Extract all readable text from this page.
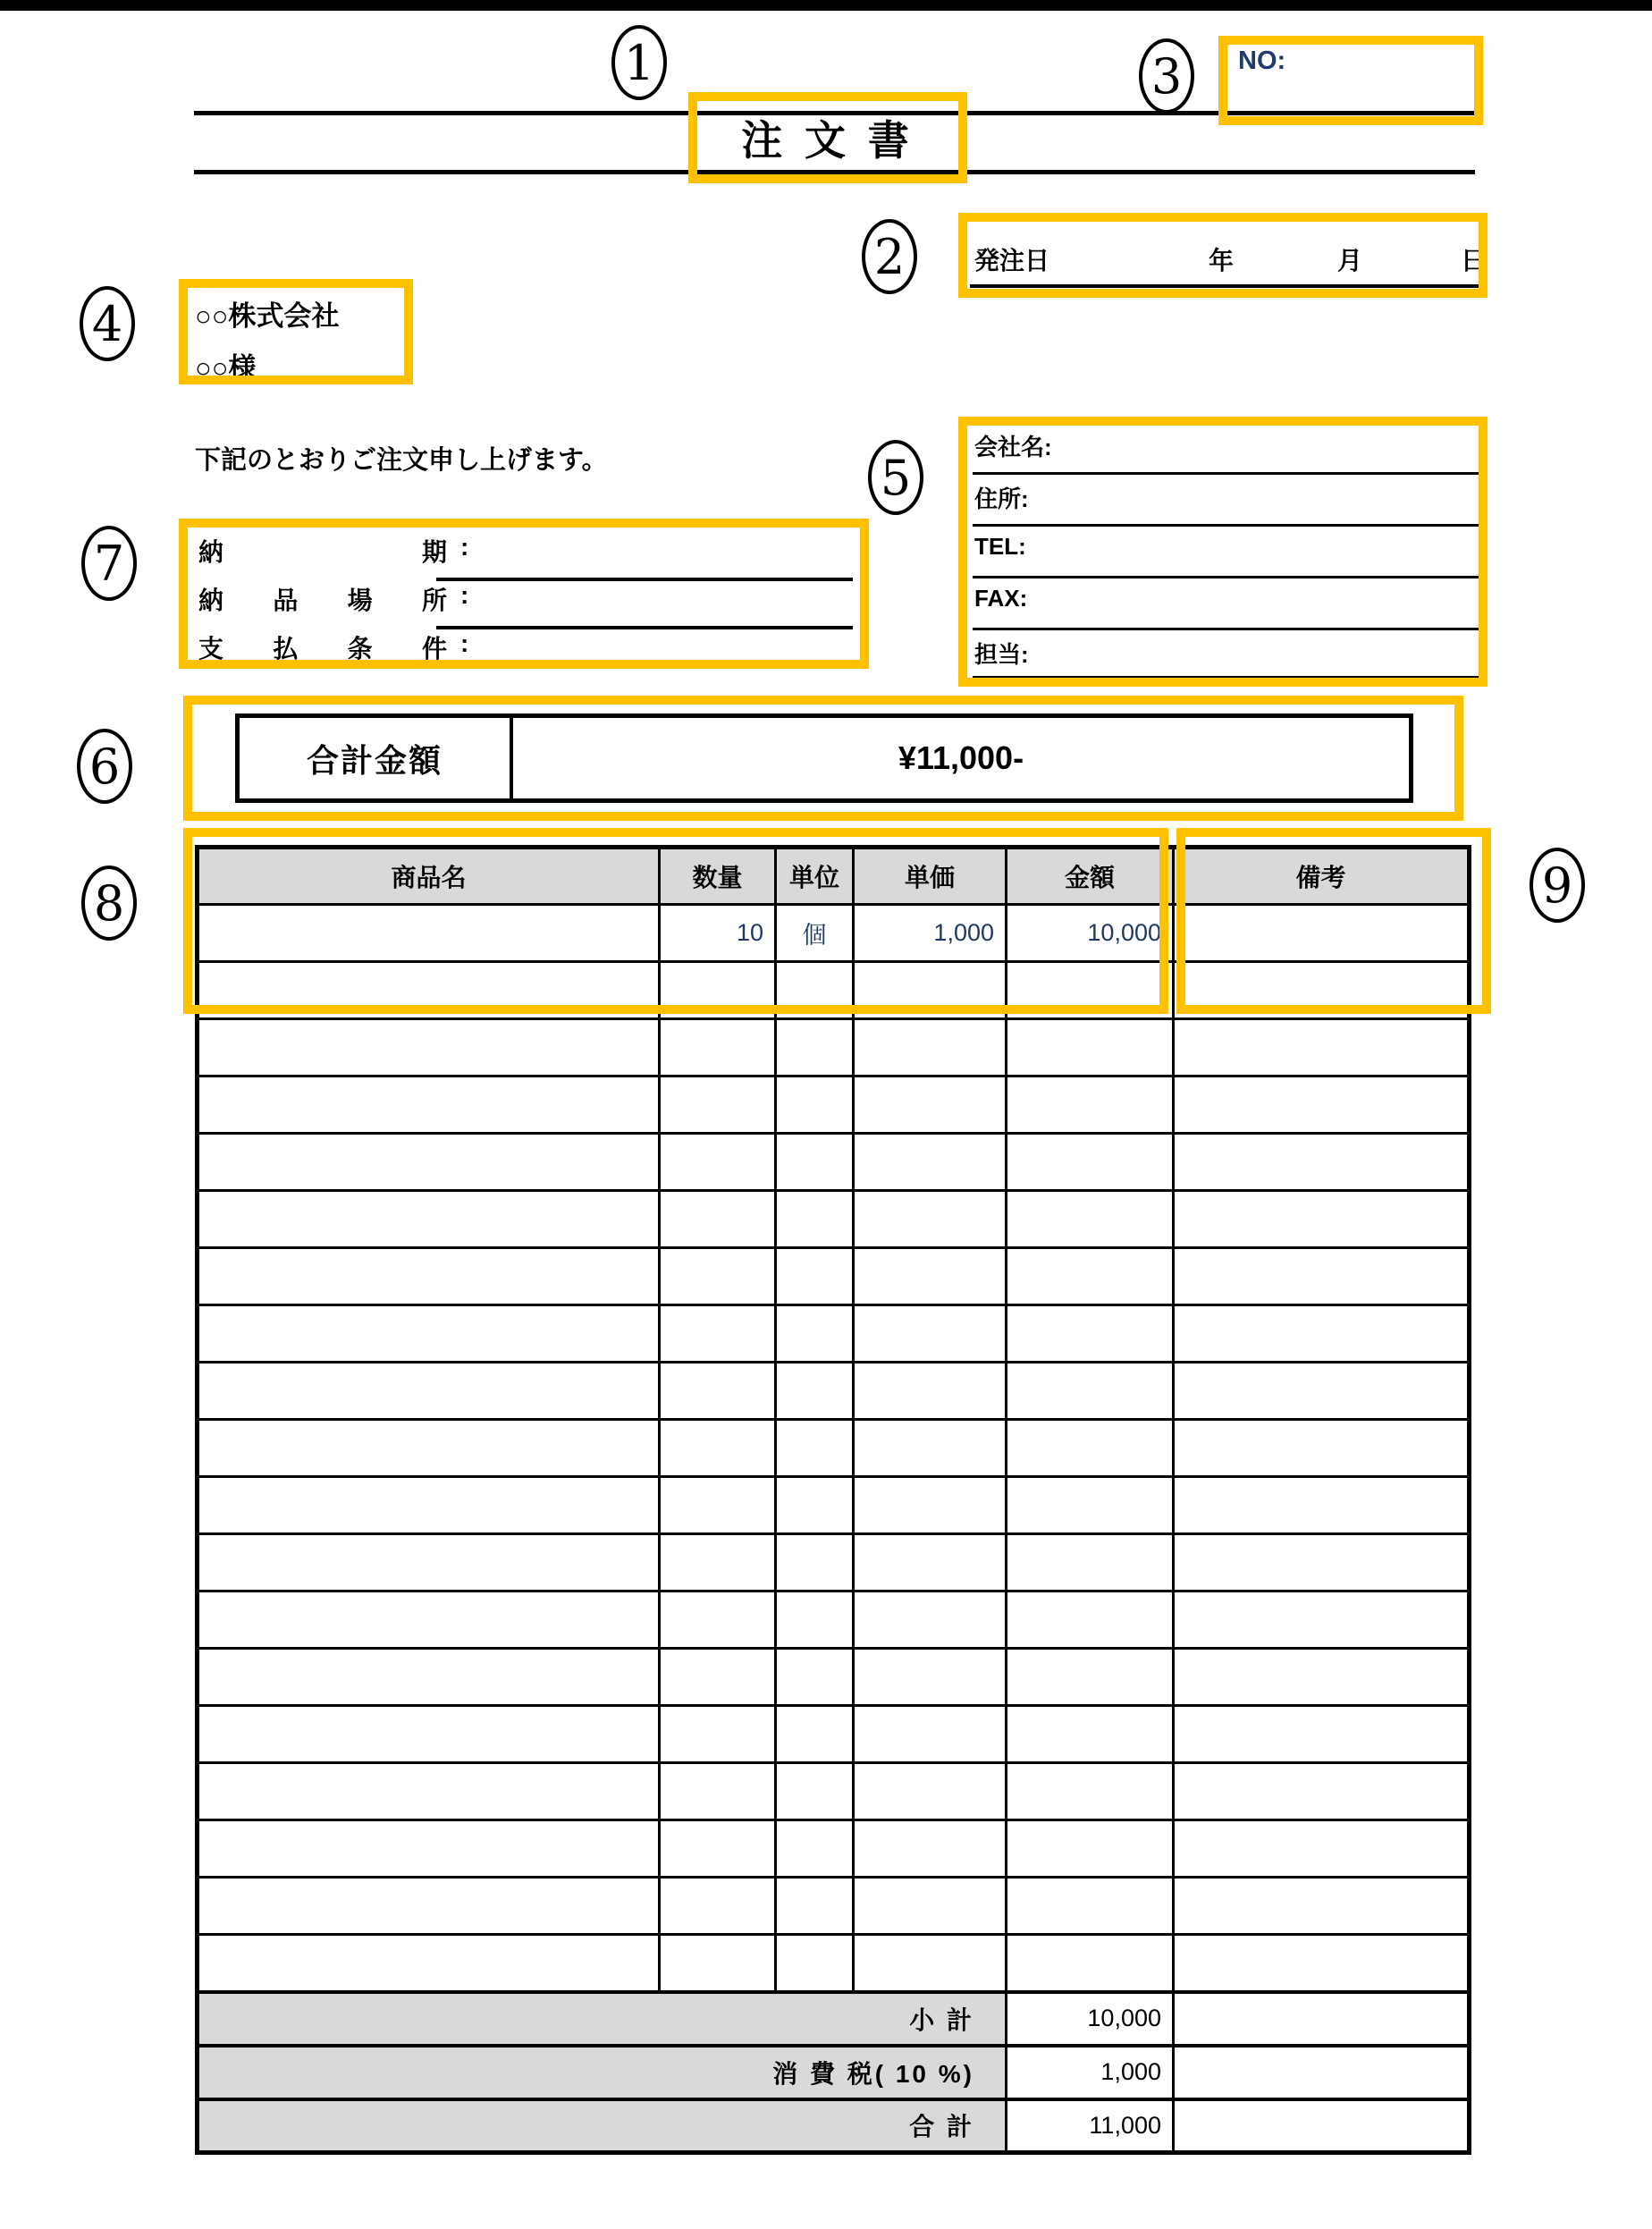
注 文 書
NO:
発注日	年	月	日
○○株式会社
○○様
下記のとおりご注文申し上げます。
納期 :
納品場所 :
支払条件 :
会社名:
住所:
TEL:
FAX:
担当:
合計金額	¥11,000-
商品名	数量	単位	単価	金額	備考
	10	個	1,000	10,000	

小 計				10,000	
消 費 税( 10 %)				1,000	
合 計				11,000	
1
2
3
4
5
6
7
8	9
